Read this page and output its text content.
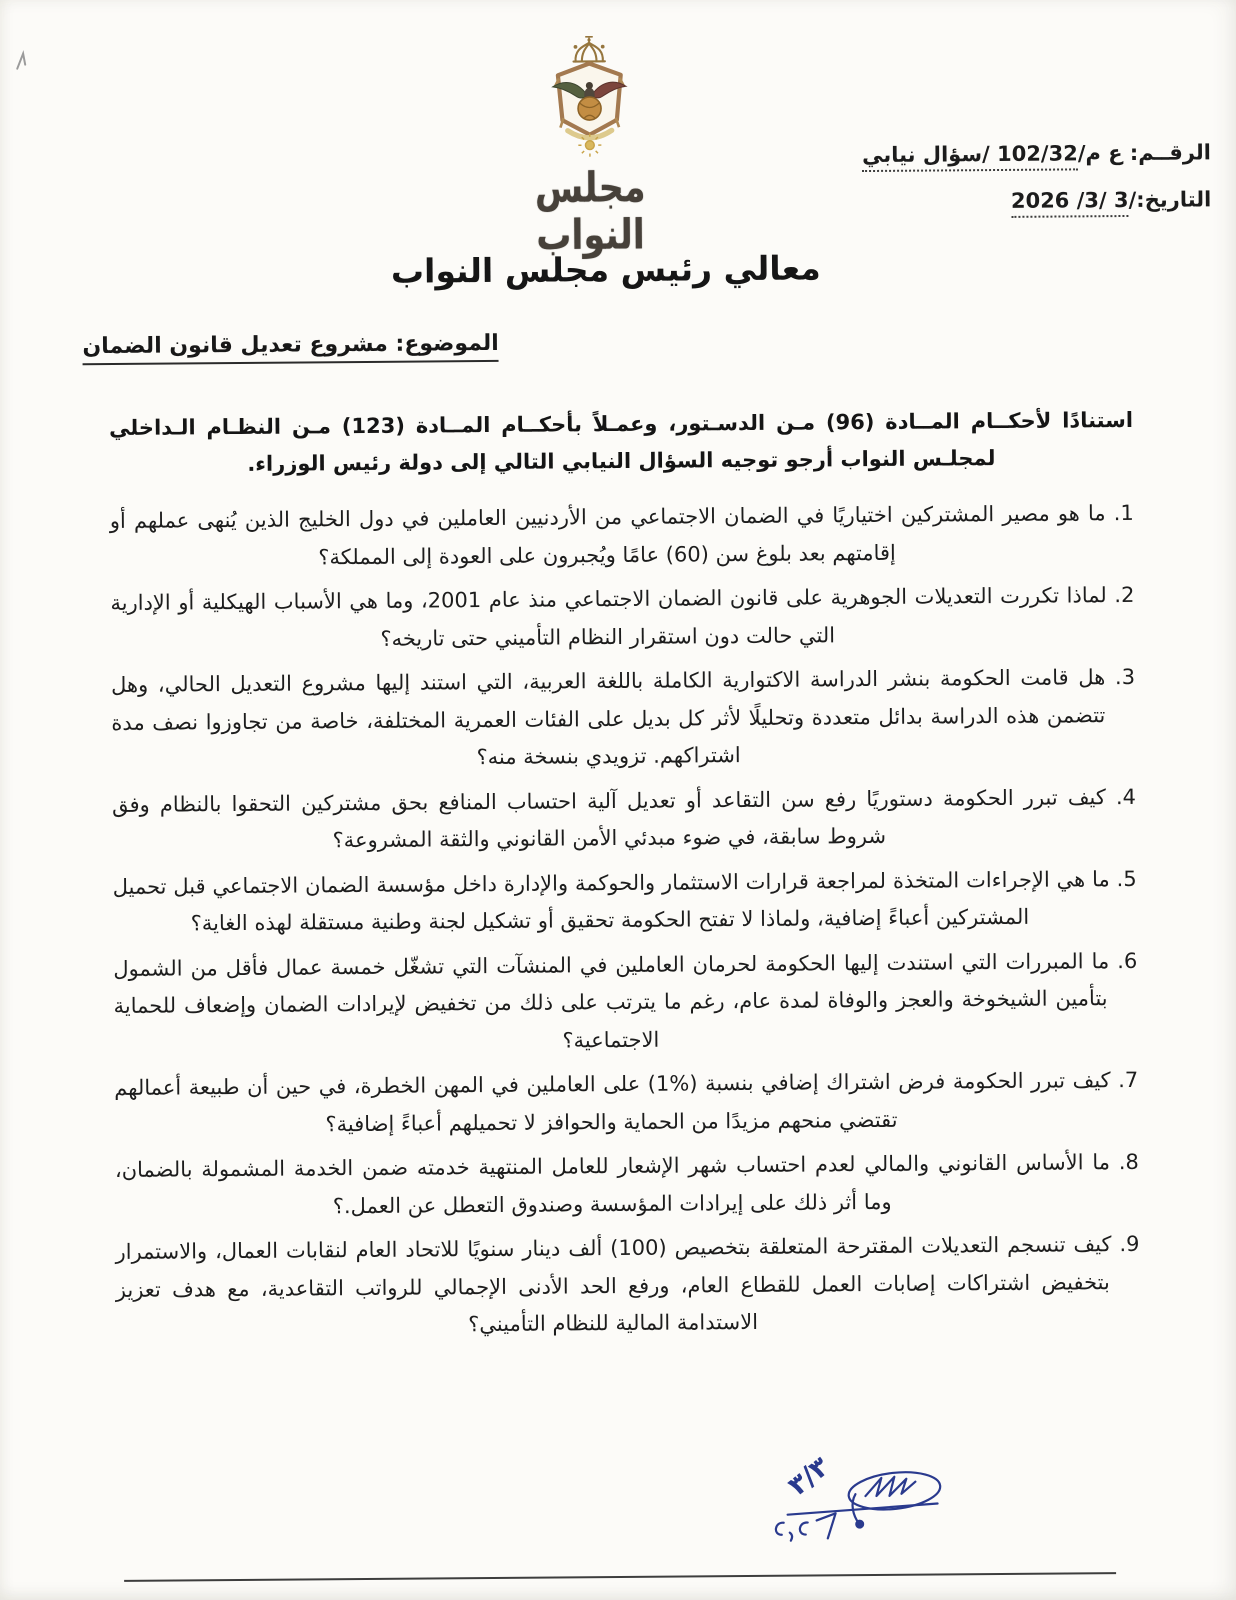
مجلس النواب
الرقــم: ع م/102/32 /سؤال نيابي
التاريخ:/3 /3/ 2026
معالي رئيس مجلس النواب
الموضوع: مشروع تعديل قانون الضمان

استنادًا لأحكــام المــادة (96) مـن الدسـتور، وعمـلاً بأحكــام المــادة (123) مـن النظـام الـداخلي لمجلـس النواب أرجو توجيه السؤال النيابي التالي إلى دولة رئيس الوزراء.

1. ما هو مصير المشتركين اختياريًا في الضمان الاجتماعي من الأردنيين العاملين في دول الخليج الذين يُنهى عملهم أو إقامتهم بعد بلوغ سن (60) عامًا ويُجبرون على العودة إلى المملكة؟
2. لماذا تكررت التعديلات الجوهرية على قانون الضمان الاجتماعي منذ عام 2001، وما هي الأسباب الهيكلية أو الإدارية التي حالت دون استقرار النظام التأميني حتى تاريخه؟
3. هل قامت الحكومة بنشر الدراسة الاكتوارية الكاملة باللغة العربية، التي استند إليها مشروع التعديل الحالي، وهل تتضمن هذه الدراسة بدائل متعددة وتحليلًا لأثر كل بديل على الفئات العمرية المختلفة، خاصة من تجاوزوا نصف مدة اشتراكهم. تزويدي بنسخة منه؟
4. كيف تبرر الحكومة دستوريًا رفع سن التقاعد أو تعديل آلية احتساب المنافع بحق مشتركين التحقوا بالنظام وفق شروط سابقة، في ضوء مبدئي الأمن القانوني والثقة المشروعة؟
5. ما هي الإجراءات المتخذة لمراجعة قرارات الاستثمار والحوكمة والإدارة داخل مؤسسة الضمان الاجتماعي قبل تحميل المشتركين أعباءً إضافية، ولماذا لا تفتح الحكومة تحقيق أو تشكيل لجنة وطنية مستقلة لهذه الغاية؟
6. ما المبررات التي استندت إليها الحكومة لحرمان العاملين في المنشآت التي تشغّل خمسة عمال فأقل من الشمول بتأمين الشيخوخة والعجز والوفاة لمدة عام، رغم ما يترتب على ذلك من تخفيض لإيرادات الضمان وإضعاف للحماية الاجتماعية؟
7. كيف تبرر الحكومة فرض اشتراك إضافي بنسبة (%1) على العاملين في المهن الخطرة، في حين أن طبيعة أعمالهم تقتضي منحهم مزيدًا من الحماية والحوافز لا تحميلهم أعباءً إضافية؟
8. ما الأساس القانوني والمالي لعدم احتساب شهر الإشعار للعامل المنتهية خدمته ضمن الخدمة المشمولة بالضمان، وما أثر ذلك على إيرادات المؤسسة وصندوق التعطل عن العمل.؟
9. كيف تنسجم التعديلات المقترحة المتعلقة بتخصيص (100) ألف دينار سنويًا للاتحاد العام لنقابات العمال، والاستمرار بتخفيض اشتراكات إصابات العمل للقطاع العام، ورفع الحد الأدنى الإجمالي للرواتب التقاعدية، مع هدف تعزيز الاستدامة المالية للنظام التأميني؟
٣/٣
